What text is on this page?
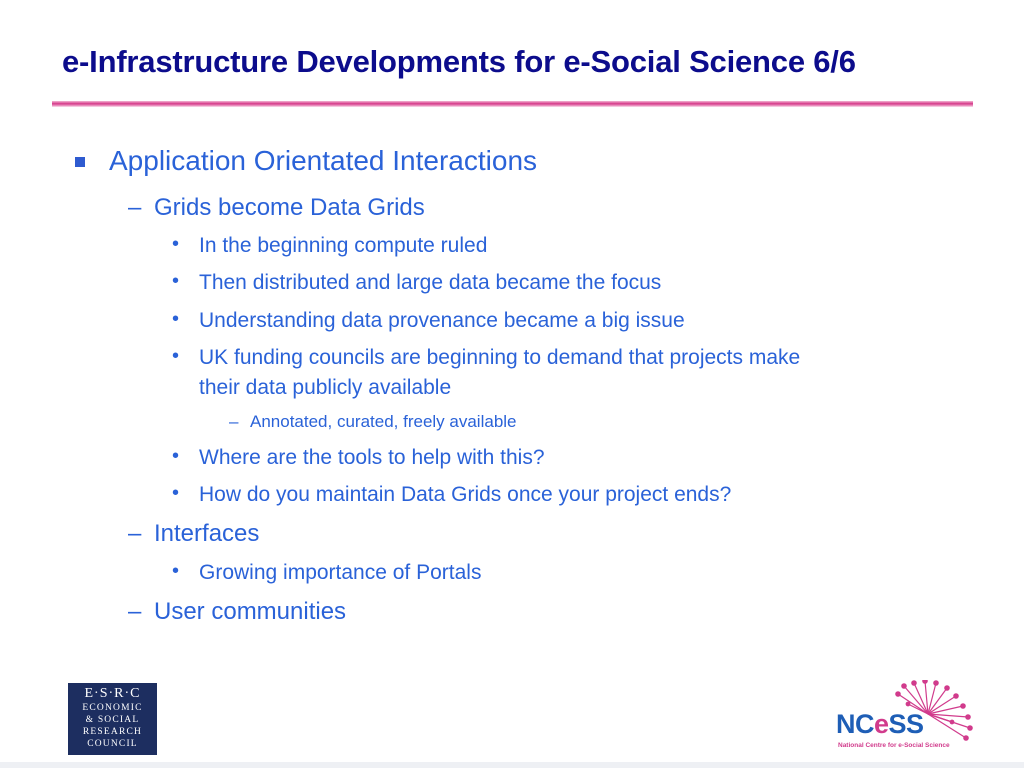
e-Infrastructure Developments for e-Social Science 6/6
Application Orientated Interactions
– Grids become Data Grids
• In the beginning compute ruled
• Then distributed and large data became the focus
• Understanding data provenance became a big issue
• UK funding councils are beginning to demand that projects make
their data publicly available
– Annotated, curated, freely available
• Where are the tools to help with this?
• How do you maintain Data Grids once your project ends?
– Interfaces
• Growing importance of Portals
– User communities
E·S·R·C
ECONOMIC
& SOCIAL
RESEARCH
COUNCIL
NCeSS
National Centre for e-Social Science
